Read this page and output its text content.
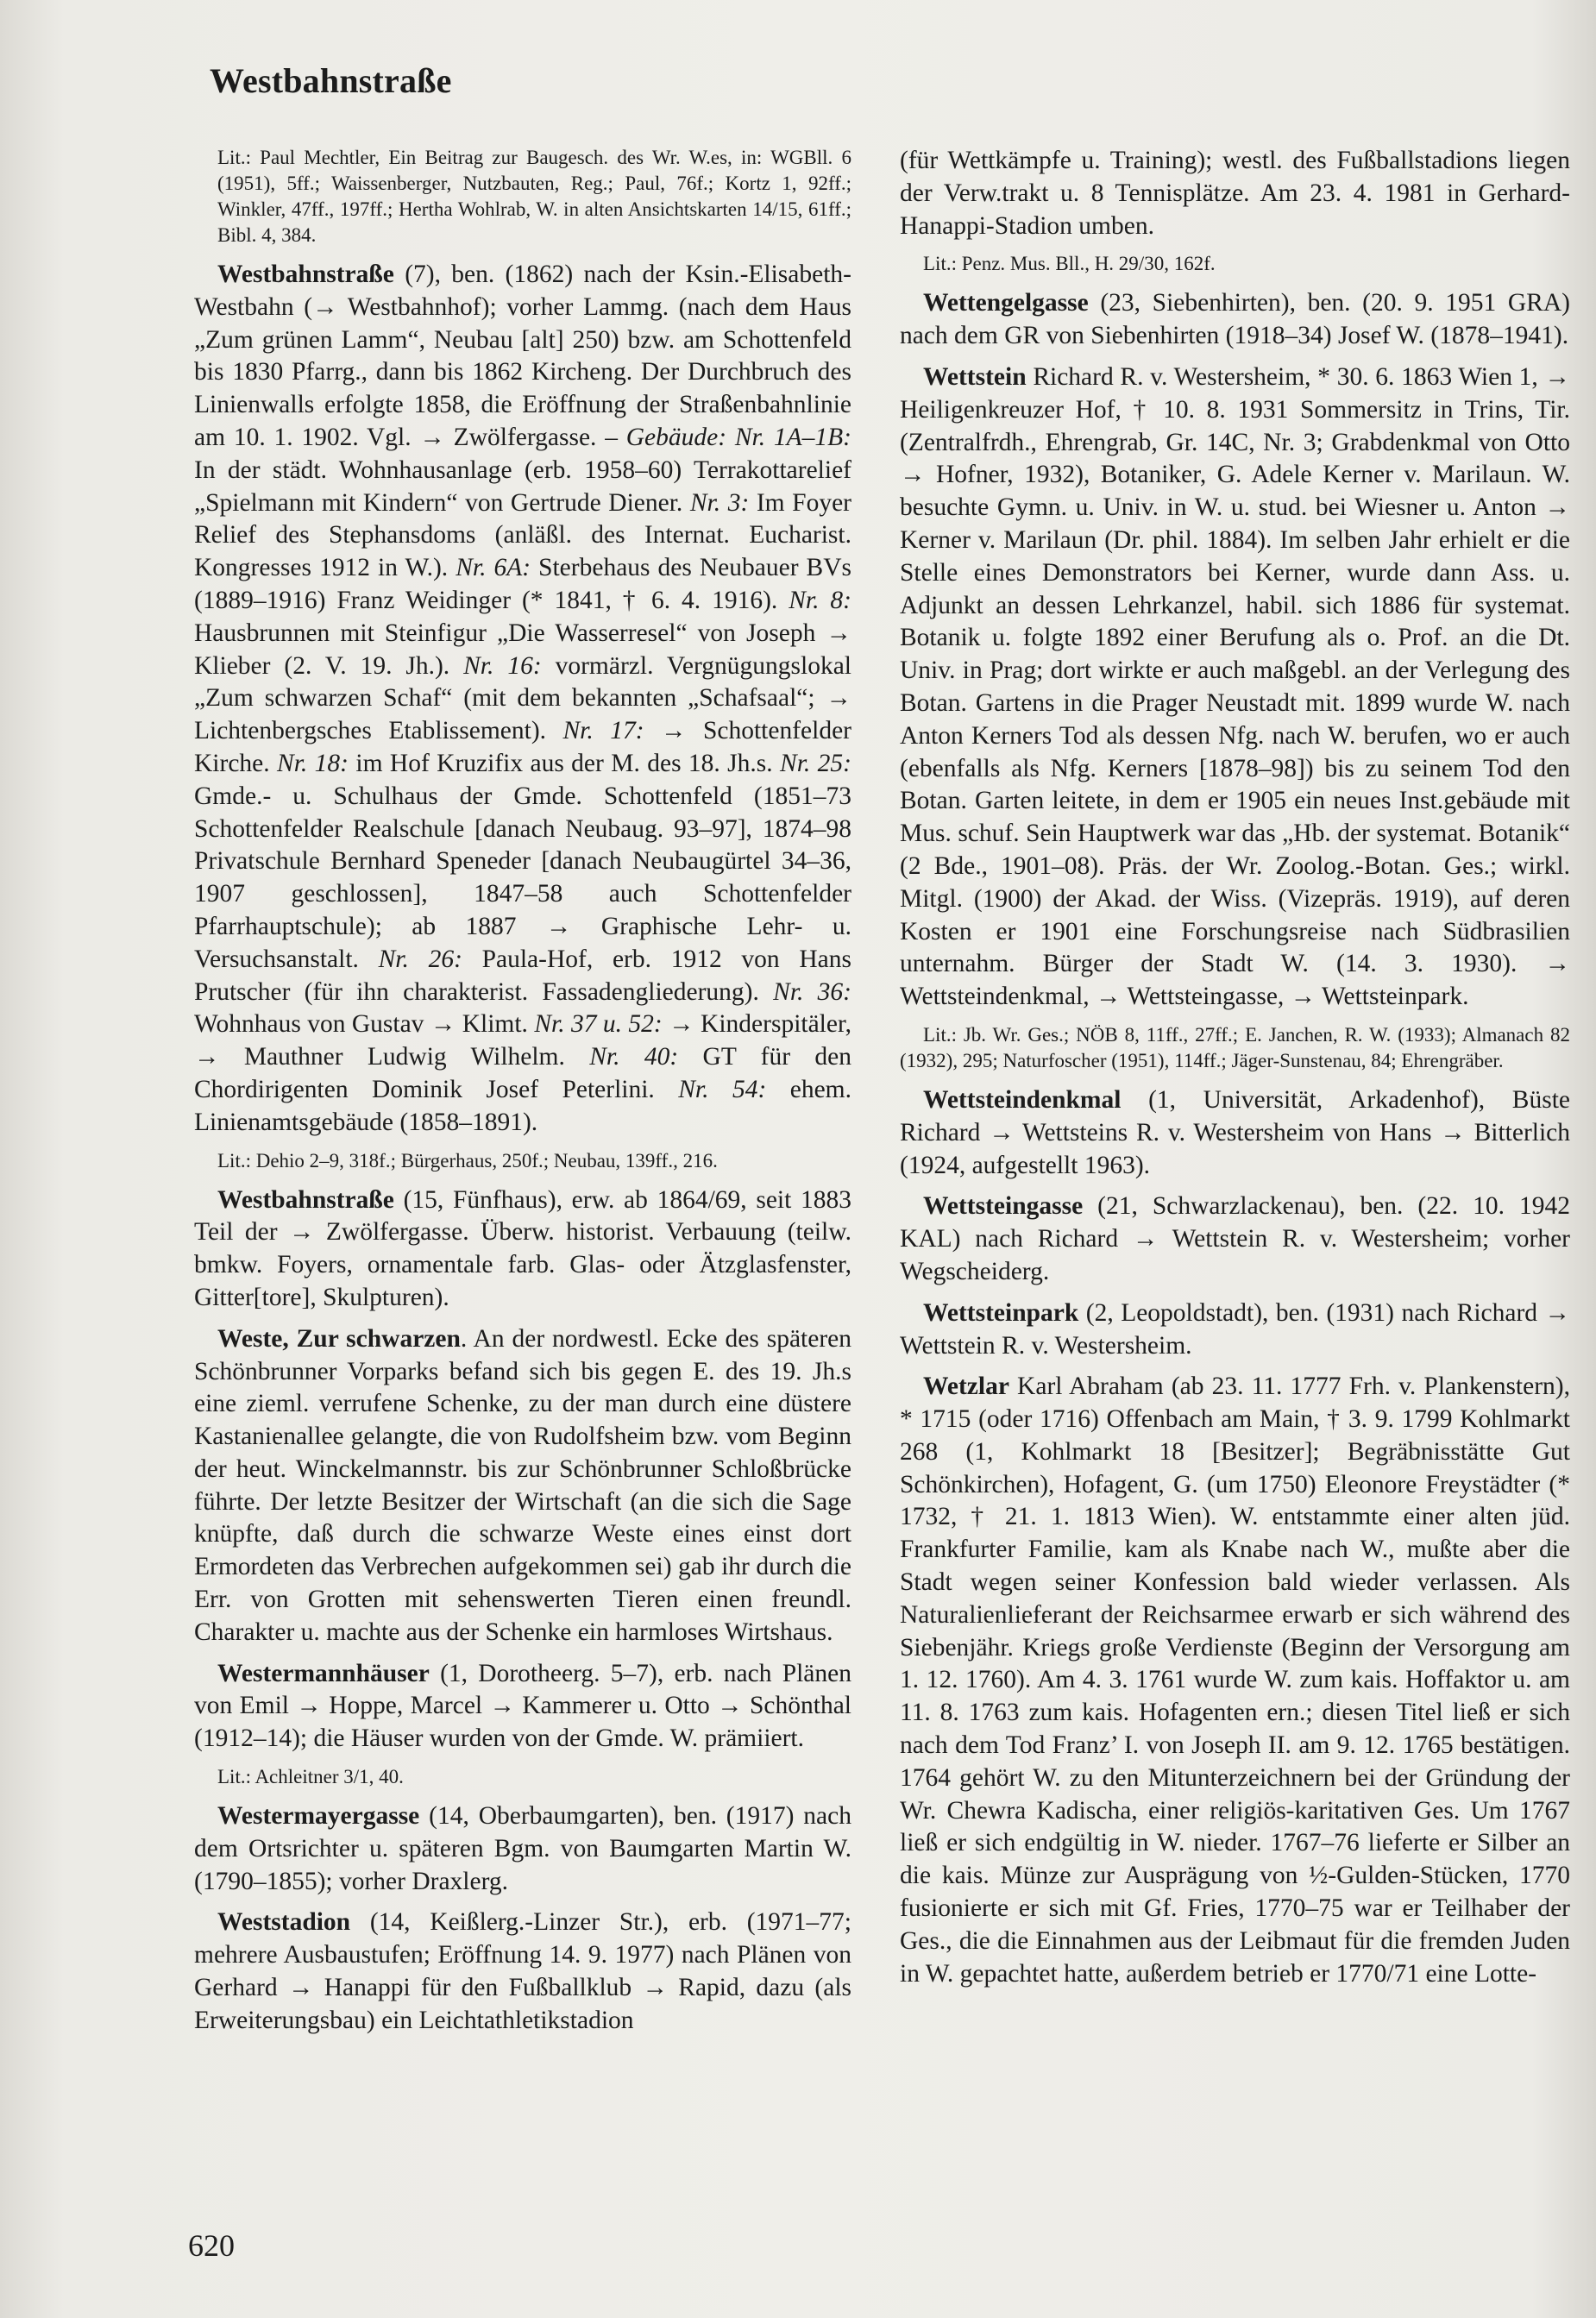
Westbahnstraße

Lit.: Paul Mechtler, Ein Beitrag zur Baugesch. des Wr. W.es, in: WGBll. 6 (1951), 5ff.; Waissenberger, Nutzbauten, Reg.; Paul, 76f.; Kortz 1, 92ff.; Winkler, 47ff., 197ff.; Hertha Wohlrab, W. in alten Ansichtskarten 14/15, 61ff.; Bibl. 4, 384.

Westbahnstraße (7), ben. (1862) nach der Ksin.-Elisabeth-Westbahn (→ Westbahnhof); vorher Lammg. (nach dem Haus „Zum grünen Lamm“, Neubau [alt] 250) bzw. am Schottenfeld bis 1830 Pfarrg., dann bis 1862 Kircheng. Der Durchbruch des Linienwalls erfolgte 1858, die Eröffnung der Straßenbahnlinie am 10. 1. 1902. Vgl. → Zwölfergasse. – Gebäude: Nr. 1A–1B: In der städt. Wohnhausanlage (erb. 1958–60) Terrakottarelief „Spielmann mit Kindern“ von Gertrude Diener. Nr. 3: Im Foyer Relief des Stephansdoms (anläßl. des Internat. Eucharist. Kongresses 1912 in W.). Nr. 6A: Sterbehaus des Neubauer BVs (1889–1916) Franz Weidinger (* 1841, † 6. 4. 1916). Nr. 8: Hausbrunnen mit Steinfigur „Die Wasserresel“ von Joseph → Klieber (2. V. 19. Jh.). Nr. 16: vormärzl. Vergnügungslokal „Zum schwarzen Schaf“ (mit dem bekannten „Schafsaal“; → Lichtenbergsches Etablissement). Nr. 17: → Schottenfelder Kirche. Nr. 18: im Hof Kruzifix aus der M. des 18. Jh.s. Nr. 25: Gmde.- u. Schulhaus der Gmde. Schottenfeld (1851–73 Schottenfelder Realschule [danach Neubaug. 93–97], 1874–98 Privatschule Bernhard Speneder [danach Neubaugürtel 34–36, 1907 geschlossen], 1847–58 auch Schottenfelder Pfarrhauptschule); ab 1887 → Graphische Lehr- u. Versuchsanstalt. Nr. 26: Paula-Hof, erb. 1912 von Hans Prutscher (für ihn charakterist. Fassadengliederung). Nr. 36: Wohnhaus von Gustav → Klimt. Nr. 37 u. 52: → Kinderspitäler, → Mauthner Ludwig Wilhelm. Nr. 40: GT für den Chordirigenten Dominik Josef Peterlini. Nr. 54: ehem. Linienamtsgebäude (1858–1891).

Lit.: Dehio 2–9, 318f.; Bürgerhaus, 250f.; Neubau, 139ff., 216.

Westbahnstraße (15, Fünfhaus), erw. ab 1864/69, seit 1883 Teil der → Zwölfergasse. Überw. historist. Verbauung (teilw. bmkw. Foyers, ornamentale farb. Glas- oder Ätzglasfenster, Gitter[tore], Skulpturen).

Weste, Zur schwarzen. An der nordwestl. Ecke des späteren Schönbrunner Vorparks befand sich bis gegen E. des 19. Jh.s eine zieml. verrufene Schenke, zu der man durch eine düstere Kastanienallee gelangte, die von Rudolfsheim bzw. vom Beginn der heut. Winckelmannstr. bis zur Schönbrunner Schloßbrücke führte. Der letzte Besitzer der Wirtschaft (an die sich die Sage knüpfte, daß durch die schwarze Weste eines einst dort Ermordeten das Verbrechen aufgekommen sei) gab ihr durch die Err. von Grotten mit sehenswerten Tieren einen freundl. Charakter u. machte aus der Schenke ein harmloses Wirtshaus.

Westermannhäuser (1, Dorotheerg. 5–7), erb. nach Plänen von Emil → Hoppe, Marcel → Kammerer u. Otto → Schönthal (1912–14); die Häuser wurden von der Gmde. W. prämiiert.

Lit.: Achleitner 3/1, 40.

Westermayergasse (14, Oberbaumgarten), ben. (1917) nach dem Ortsrichter u. späteren Bgm. von Baumgarten Martin W. (1790–1855); vorher Draxlerg.

Weststadion (14, Keißlerg.-Linzer Str.), erb. (1971–77; mehrere Ausbaustufen; Eröffnung 14. 9. 1977) nach Plänen von Gerhard → Hanappi für den Fußballklub → Rapid, dazu (als Erweiterungsbau) ein Leichtathletikstadion

(für Wettkämpfe u. Training); westl. des Fußballstadions liegen der Verw.trakt u. 8 Tennisplätze. Am 23. 4. 1981 in Gerhard-Hanappi-Stadion umben.

Lit.: Penz. Mus. Bll., H. 29/30, 162f.

Wettengelgasse (23, Siebenhirten), ben. (20. 9. 1951 GRA) nach dem GR von Siebenhirten (1918–34) Josef W. (1878–1941).

Wettstein Richard R. v. Westersheim, * 30. 6. 1863 Wien 1, → Heiligenkreuzer Hof, † 10. 8. 1931 Sommersitz in Trins, Tir. (Zentralfrdh., Ehrengrab, Gr. 14C, Nr. 3; Grabdenkmal von Otto → Hofner, 1932), Botaniker, G. Adele Kerner v. Marilaun. W. besuchte Gymn. u. Univ. in W. u. stud. bei Wiesner u. Anton → Kerner v. Marilaun (Dr. phil. 1884). Im selben Jahr erhielt er die Stelle eines Demonstrators bei Kerner, wurde dann Ass. u. Adjunkt an dessen Lehrkanzel, habil. sich 1886 für systemat. Botanik u. folgte 1892 einer Berufung als o. Prof. an die Dt. Univ. in Prag; dort wirkte er auch maßgebl. an der Verlegung des Botan. Gartens in die Prager Neustadt mit. 1899 wurde W. nach Anton Kerners Tod als dessen Nfg. nach W. berufen, wo er auch (ebenfalls als Nfg. Kerners [1878–98]) bis zu seinem Tod den Botan. Garten leitete, in dem er 1905 ein neues Inst.gebäude mit Mus. schuf. Sein Hauptwerk war das „Hb. der systemat. Botanik“ (2 Bde., 1901–08). Präs. der Wr. Zoolog.-Botan. Ges.; wirkl. Mitgl. (1900) der Akad. der Wiss. (Vizepräs. 1919), auf deren Kosten er 1901 eine Forschungsreise nach Südbrasilien unternahm. Bürger der Stadt W. (14. 3. 1930). → Wettsteindenkmal, → Wettsteingasse, → Wettsteinpark.

Lit.: Jb. Wr. Ges.; NÖB 8, 11ff., 27ff.; E. Janchen, R. W. (1933); Almanach 82 (1932), 295; Naturfoscher (1951), 114ff.; Jäger-Sunstenau, 84; Ehrengräber.

Wettsteindenkmal (1, Universität, Arkadenhof), Büste Richard → Wettsteins R. v. Westersheim von Hans → Bitterlich (1924, aufgestellt 1963).

Wettsteingasse (21, Schwarzlackenau), ben. (22. 10. 1942 KAL) nach Richard → Wettstein R. v. Westersheim; vorher Wegscheiderg.

Wettsteinpark (2, Leopoldstadt), ben. (1931) nach Richard → Wettstein R. v. Westersheim.

Wetzlar Karl Abraham (ab 23. 11. 1777 Frh. v. Plankenstern), * 1715 (oder 1716) Offenbach am Main, † 3. 9. 1799 Kohlmarkt 268 (1, Kohlmarkt 18 [Besitzer]; Begräbnisstätte Gut Schönkirchen), Hofagent, G. (um 1750) Eleonore Freystädter (* 1732, † 21. 1. 1813 Wien). W. entstammte einer alten jüd. Frankfurter Familie, kam als Knabe nach W., mußte aber die Stadt wegen seiner Konfession bald wieder verlassen. Als Naturalienlieferant der Reichsarmee erwarb er sich während des Siebenjähr. Kriegs große Verdienste (Beginn der Versorgung am 1. 12. 1760). Am 4. 3. 1761 wurde W. zum kais. Hoffaktor u. am 11. 8. 1763 zum kais. Hofagenten ern.; diesen Titel ließ er sich nach dem Tod Franz’ I. von Joseph II. am 9. 12. 1765 bestätigen. 1764 gehört W. zu den Mitunterzeichnern bei der Gründung der Wr. Chewra Kadischa, einer religiös-karitativen Ges. Um 1767 ließ er sich endgültig in W. nieder. 1767–76 lieferte er Silber an die kais. Münze zur Ausprägung von ½-Gulden-Stücken, 1770 fusionierte er sich mit Gf. Fries, 1770–75 war er Teilhaber der Ges., die die Einnahmen aus der Leibmaut für die fremden Juden in W. gepachtet hatte, außerdem betrieb er 1770/71 eine Lotte-

620
